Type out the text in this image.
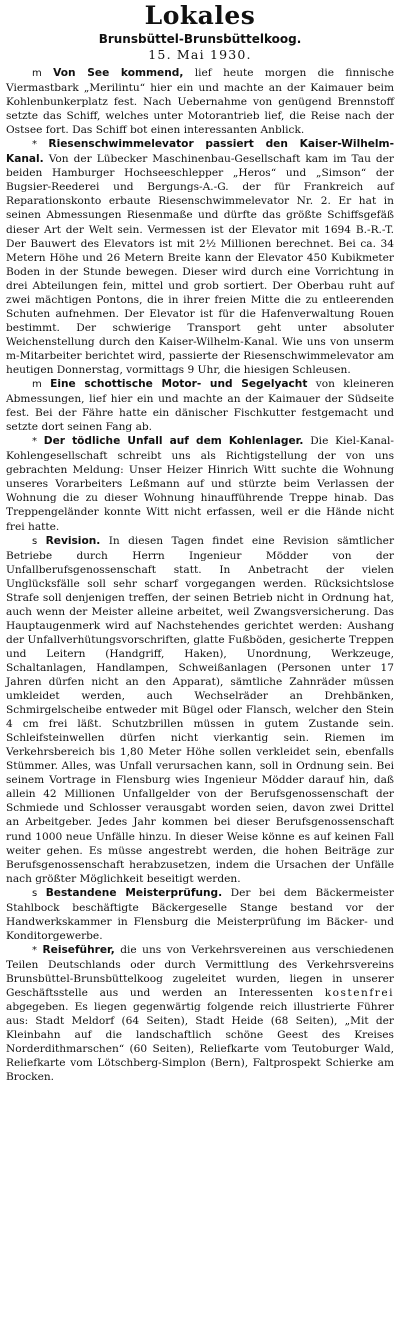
Lokales
Brunsbüttel-Brunsbüttelkoog.
15. Mai 1930.

m Von See kommend, lief heute morgen die finnische Viermastbark „Merilintu“ hier ein und machte an der Kaimauer beim Kohlenbunkerplatz fest. Nach Uebernahme von genügend Brennstoff setzte das Schiff, welches unter Motorantrieb lief, die Reise nach der Ostsee fort. Das Schiff bot einen interessanten Anblick.

* Riesenschwimmelevator passiert den Kaiser-Wilhelm-Kanal. Von der Lübecker Maschinenbau-Gesellschaft kam im Tau der beiden Hamburger Hochseeschlepper „Heros“ und „Simson“ der Bugsier-Reederei und Bergungs-A.-G. der für Frankreich auf Reparationskonto erbaute Riesenschwimmelevator Nr. 2. Er hat in seinen Abmessungen Riesenmaße und dürfte das größte Schiffsgefäß dieser Art der Welt sein. Vermessen ist der Elevator mit 1694 B.-R.-T. Der Bauwert des Elevators ist mit 2½ Millionen berechnet. Bei ca. 34 Metern Höhe und 26 Metern Breite kann der Elevator 450 Kubikmeter Boden in der Stunde bewegen. Dieser wird durch eine Vorrichtung in drei Abteilungen fein, mittel und grob sortiert. Der Oberbau ruht auf zwei mächtigen Pontons, die in ihrer freien Mitte die zu entleerenden Schuten aufnehmen. Der Elevator ist für die Hafenverwaltung Rouen bestimmt. Der schwierige Transport geht unter absoluter Weichenstellung durch den Kaiser-Wilhelm-Kanal. Wie uns von unserm m-Mitarbeiter berichtet wird, passierte der Riesenschwimmelevator am heutigen Donnerstag, vormittags 9 Uhr, die hiesigen Schleusen.

m Eine schottische Motor- und Segelyacht von kleineren Abmessungen, lief hier ein und machte an der Kaimauer der Südseite fest. Bei der Fähre hatte ein dänischer Fischkutter festgemacht und setzte dort seinen Fang ab.

* Der tödliche Unfall auf dem Kohlenlager. Die Kiel-Kanal-Kohlengesellschaft schreibt uns als Richtigstellung der von uns gebrachten Meldung: Unser Heizer Hinrich Witt suchte die Wohnung unseres Vorarbeiters Leßmann auf und stürzte beim Verlassen der Wohnung die zu dieser Wohnung hinaufführende Treppe hinab. Das Treppengeländer konnte Witt nicht erfassen, weil er die Hände nicht frei hatte.

s Revision. In diesen Tagen findet eine Revision sämtlicher Betriebe durch Herrn Ingenieur Mödder von der Unfallberufsgenossenschaft statt. In Anbetracht der vielen Unglücksfälle soll sehr scharf vorgegangen werden. Rücksichtslose Strafe soll denjenigen treffen, der seinen Betrieb nicht in Ordnung hat, auch wenn der Meister alleine arbeitet, weil Zwangsversicherung. Das Hauptaugenmerk wird auf Nachstehendes gerichtet werden: Aushang der Unfallverhütungsvorschriften, glatte Fußböden, gesicherte Treppen und Leitern (Handgriff, Haken), Unordnung, Werkzeuge, Schaltanlagen, Handlampen, Schweißanlagen (Personen unter 17 Jahren dürfen nicht an den Apparat), sämtliche Zahnräder müssen umkleidet werden, auch Wechselräder an Drehbänken, Schmirgelscheibe entweder mit Bügel oder Flansch, welcher den Stein 4 cm frei läßt. Schutzbrillen müssen in gutem Zustande sein. Schleifsteinwellen dürfen nicht vierkantig sein. Riemen im Verkehrsbereich bis 1,80 Meter Höhe sollen verkleidet sein, ebenfalls Stümmer. Alles, was Unfall verursachen kann, soll in Ordnung sein. Bei seinem Vortrage in Flensburg wies Ingenieur Mödder darauf hin, daß allein 42 Millionen Unfallgelder von der Berufsgenossenschaft der Schmiede und Schlosser verausgabt worden seien, davon zwei Drittel an Arbeitgeber. Jedes Jahr kommen bei dieser Berufsgenossenschaft rund 1000 neue Unfälle hinzu. In dieser Weise könne es auf keinen Fall weiter gehen. Es müsse angestrebt werden, die hohen Beiträge zur Berufsgenossenschaft herabzusetzen, indem die Ursachen der Unfälle nach größter Möglichkeit beseitigt werden.

s Bestandene Meisterprüfung. Der bei dem Bäckermeister Stahlbock beschäftigte Bäckergeselle Stange bestand vor der Handwerkskammer in Flensburg die Meisterprüfung im Bäcker- und Konditorgewerbe.

* Reiseführer, die uns von Verkehrsvereinen aus verschiedenen Teilen Deutschlands oder durch Vermittlung des Verkehrsvereins Brunsbüttel-Brunsbüttelkoog zugeleitet wurden, liegen in unserer Geschäftsstelle aus und werden an Interessenten kostenfrei abgegeben. Es liegen gegenwärtig folgende reich illustrierte Führer aus: Stadt Meldorf (64 Seiten), Stadt Heide (68 Seiten), „Mit der Kleinbahn auf die landschaftlich schöne Geest des Kreises Norderdithmarschen“ (60 Seiten), Reliefkarte vom Teutoburger Wald, Reliefkarte vom Lötschberg-Simplon (Bern), Faltprospekt Schierke am Brocken.
